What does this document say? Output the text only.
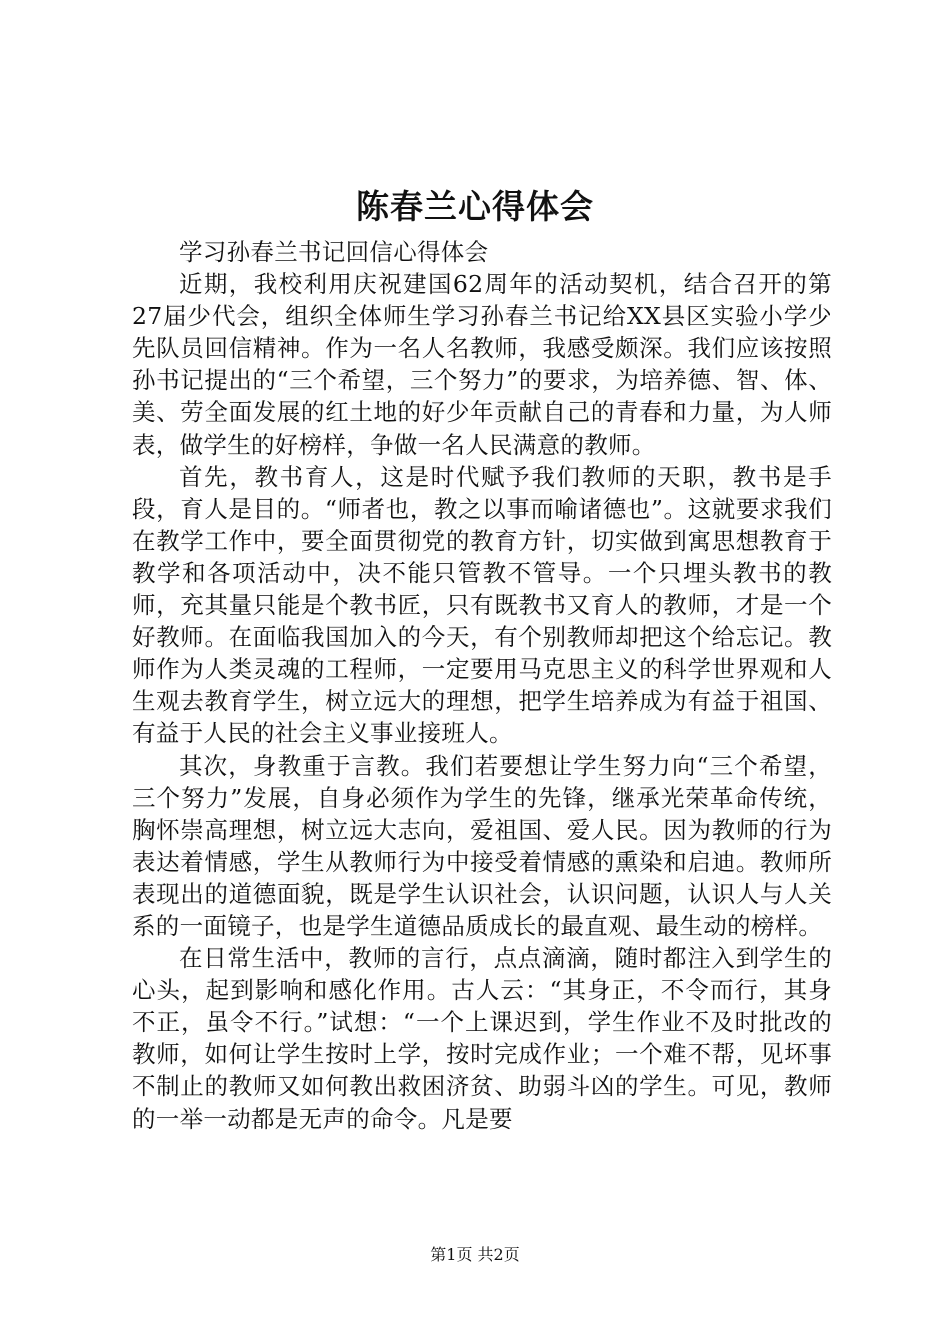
陈春兰心得体会

学习孙春兰书记回信心得体会

近期，我校利用庆祝建国62周年的活动契机，结合召开的第27届少代会，组织全体师生学习孙春兰书记给XX县区实验小学少先队员回信精神。作为一名人名教师，我感受颇深。我们应该按照孙书记提出的“三个希望，三个努力”的要求，为培养德、智、体、美、劳全面发展的红土地的好少年贡献自己的青春和力量，为人师表，做学生的好榜样，争做一名人民满意的教师。

首先，教书育人，这是时代赋予我们教师的天职，教书是手段，育人是目的。“师者也，教之以事而喻诸德也”。这就要求我们在教学工作中，要全面贯彻党的教育方针，切实做到寓思想教育于教学和各项活动中，决不能只管教不管导。一个只埋头教书的教师，充其量只能是个教书匠，只有既教书又育人的教师，才是一个好教师。在面临我国加入的今天，有个别教师却把这个给忘记。教师作为人类灵魂的工程师，一定要用马克思主义的科学世界观和人生观去教育学生，树立远大的理想，把学生培养成为有益于祖国、有益于人民的社会主义事业接班人。

其次，身教重于言教。我们若要想让学生努力向“三个希望，三个努力”发展，自身必须作为学生的先锋，继承光荣革命传统，胸怀崇高理想，树立远大志向，爱祖国、爱人民。因为教师的行为表达着情感，学生从教师行为中接受着情感的熏染和启迪。教师所表现出的道德面貌，既是学生认识社会，认识问题，认识人与人关系的一面镜子，也是学生道德品质成长的最直观、最生动的榜样。

在日常生活中，教师的言行，点点滴滴，随时都注入到学生的心头，起到影响和感化作用。古人云：“其身正，不令而行，其身不正，虽令不行。”试想：“一个上课迟到，学生作业不及时批改的教师，如何让学生按时上学，按时完成作业；一个难不帮，见坏事不制止的教师又如何教出救困济贫、助弱斗凶的学生。可见，教师的一举一动都是无声的命令。凡是要

第1页 共2页
